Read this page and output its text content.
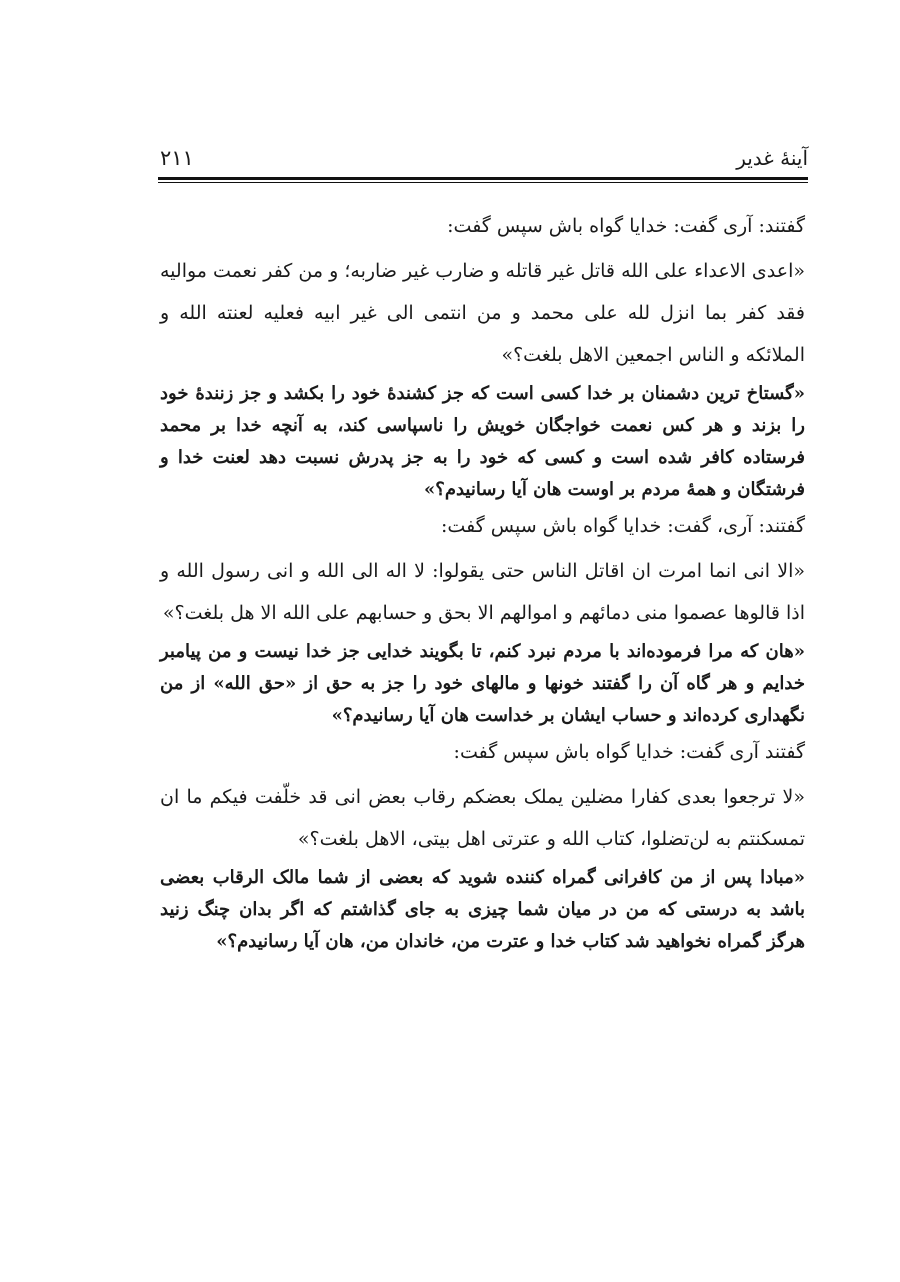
آینهٔ غدیر
۲۱۱

گفتند: آری گفت: خدایا گواه باش سپس گفت:

«اعدی الاعداء علی الله قاتل غیر قاتله و ضارب غیر ضاربه؛ و من کفر نعمت موالیه فقد کفر بما انزل لله علی محمد و من انتمی الی غیر ابیه فعلیه لعنته الله و الملائکه و الناس اجمعین الاهل بلغت؟»

«گستاخ ترین دشمنان بر خدا کسی است که جز کشندهٔ خود را بکشد و جز زنندهٔ خود را بزند و هر کس نعمت خواجگان خویش را ناسپاسی کند، به آنچه خدا بر محمد فرستاده کافر شده است و کسی که خود را به جز پدرش نسبت دهد لعنت خدا و فرشتگان و همهٔ مردم بر اوست هان آیا رسانیدم؟»

گفتند: آری، گفت: خدایا گواه باش سپس گفت:

«الا انی انما امرت ان اقاتل الناس حتی یقولوا: لا اله الی الله و انی رسول الله و اذا قالوها عصموا منی دمائهم و اموالهم الا بحق و حسابهم علی الله الا هل بلغت؟»

«هان که مرا فرموده‌اند با مردم نبرد کنم، تا بگویند خدایی جز خدا نیست و من پیامبر خدایم و هر گاه آن را گفتند خونها و مالهای خود را جز به حق از «حق الله» از من نگهداری کرده‌اند و حساب ایشان بر خداست هان آیا رسانیدم؟»

گفتند آری گفت: خدایا گواه باش سپس گفت:

«لا ترجعوا بعدی کفارا مضلین یملک بعضکم رقاب بعض انی قد خلّفت فیکم ما ان تمسکنتم به لن‌تضلوا، کتاب الله و عترتی اهل بیتی، الاهل بلغت؟»

«مبادا پس از من کافرانی گمراه کننده شوید که بعضی از شما مالک الرقاب بعضی باشد به درستی که من در میان شما چیزی به جای گذاشتم که اگر بدان چنگ زنید هرگز گمراه نخواهید شد کتاب خدا و عترت من، خاندان من، هان آیا رسانیدم؟»
